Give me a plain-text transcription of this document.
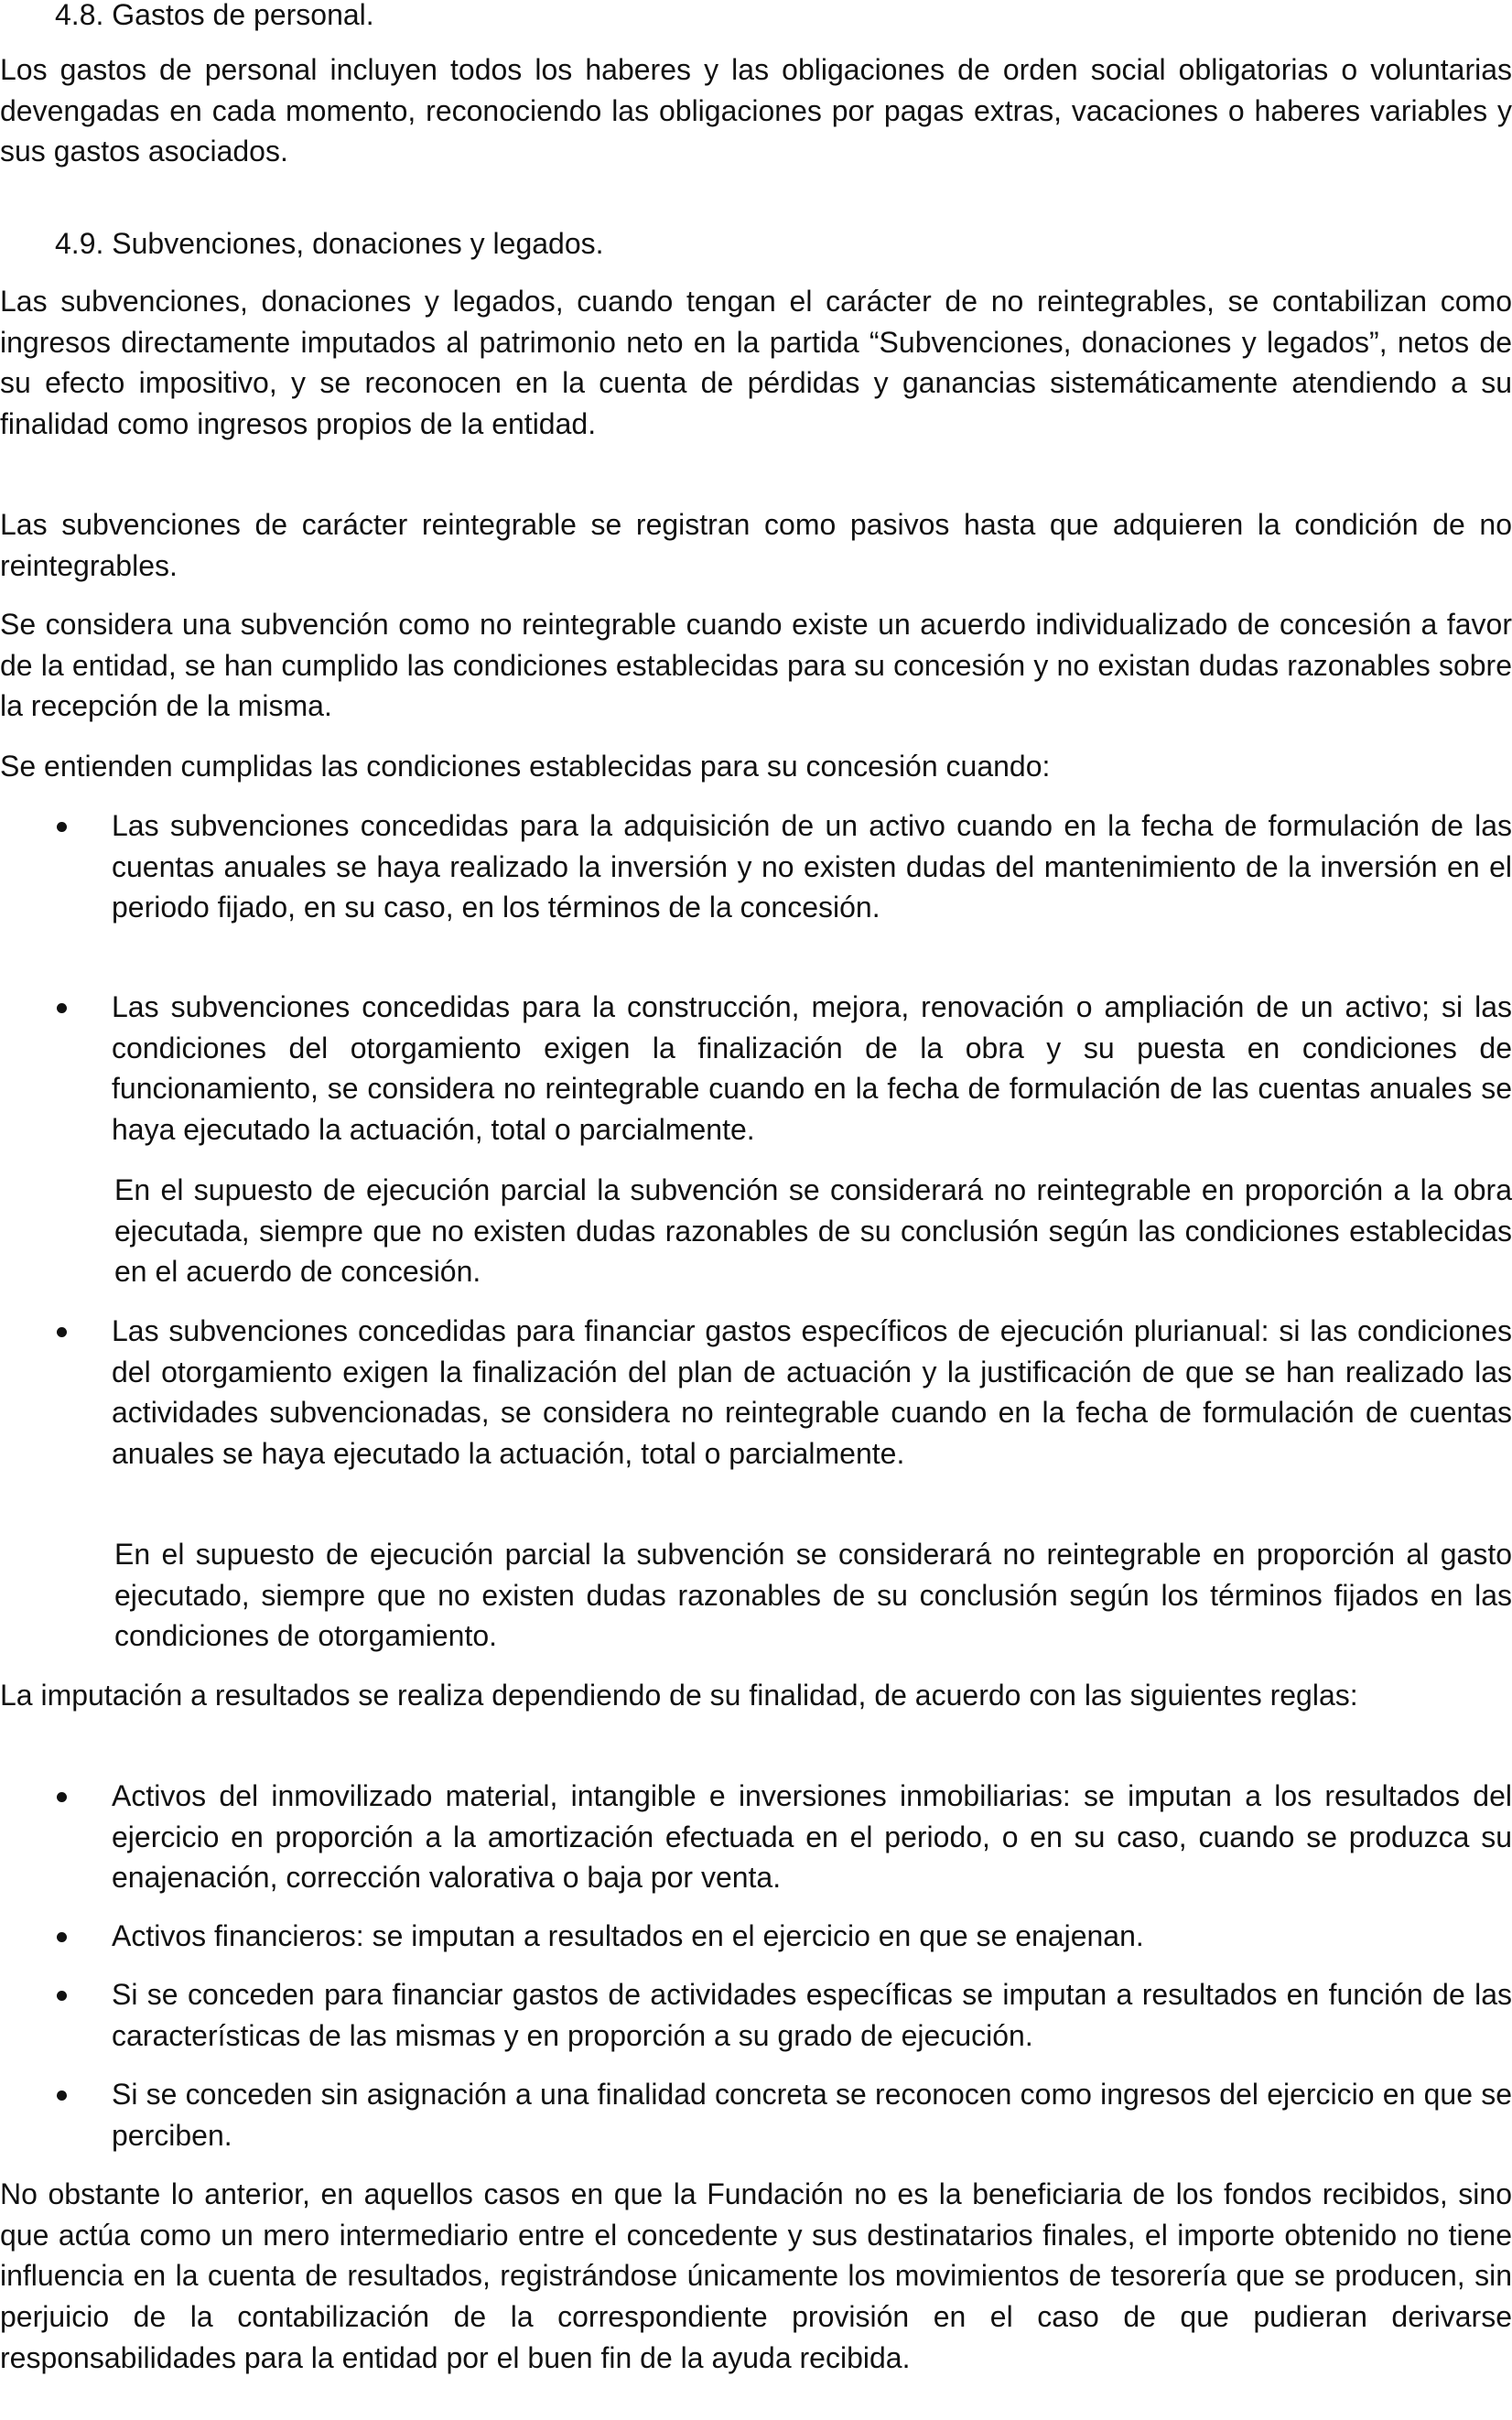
4.8. Gastos de personal.

Los gastos de personal incluyen todos los haberes y las obligaciones de orden social obligatorias o voluntarias devengadas en cada momento, reconociendo las obligaciones por pagas extras, vacaciones o haberes variables y sus gastos asociados.

4.9. Subvenciones, donaciones y legados.

Las subvenciones, donaciones y legados, cuando tengan el carácter de no reintegrables, se contabilizan como ingresos directamente imputados al patrimonio neto en la partida “Subvenciones, donaciones y legados”, netos de su efecto impositivo, y se reconocen en la cuenta de pérdidas y ganancias sistemáticamente atendiendo a su finalidad como ingresos propios de la entidad.

Las subvenciones de carácter reintegrable se registran como pasivos hasta que adquieren la condición de no reintegrables.

Se considera una subvención como no reintegrable cuando existe un acuerdo individualizado de concesión a favor de la entidad, se han cumplido las condiciones establecidas para su concesión y no existan dudas razonables sobre la recepción de la misma.

Se entienden cumplidas las condiciones establecidas para su concesión cuando:

Las subvenciones concedidas para la adquisición de un activo cuando en la fecha de formulación de las cuentas anuales se haya realizado la inversión y no existen dudas del mantenimiento de la inversión en el periodo fijado, en su caso, en los términos de la concesión.

Las subvenciones concedidas para la construcción, mejora, renovación o ampliación de un activo; si las condiciones del otorgamiento exigen la finalización de la obra y su puesta en condiciones de funcionamiento, se considera no reintegrable cuando en la fecha de formulación de las cuentas anuales se haya ejecutado la actuación, total o parcialmente.

En el supuesto de ejecución parcial la subvención se considerará no reintegrable en proporción a la obra ejecutada, siempre que no existen dudas razonables de su conclusión según las condiciones establecidas en el acuerdo de concesión.

Las subvenciones concedidas para financiar gastos específicos de ejecución plurianual: si las condiciones del otorgamiento exigen la finalización del plan de actuación y la justificación de que se han realizado las actividades subvencionadas, se considera no reintegrable cuando en la fecha de formulación de cuentas anuales se haya ejecutado la actuación, total o parcialmente.

En el supuesto de ejecución parcial la subvención se considerará no reintegrable en proporción al gasto ejecutado, siempre que no existen dudas razonables de su conclusión según los términos fijados en las condiciones de otorgamiento.

La imputación a resultados se realiza dependiendo de su finalidad, de acuerdo con las siguientes reglas:

Activos del inmovilizado material, intangible e inversiones inmobiliarias: se imputan a los resultados del ejercicio en proporción a la amortización efectuada en el periodo, o en su caso, cuando se produzca su enajenación, corrección valorativa o baja por venta.

Activos financieros: se imputan a resultados en el ejercicio en que se enajenan.

Si se conceden para financiar gastos de actividades específicas se imputan a resultados en función de las características de las mismas y en proporción a su grado de ejecución.

Si se conceden sin asignación a una finalidad concreta se reconocen como ingresos del ejercicio en que se perciben.

No obstante lo anterior, en aquellos casos en que la Fundación no es la beneficiaria de los fondos recibidos, sino que actúa como un mero intermediario entre el concedente y sus destinatarios finales, el importe obtenido no tiene influencia en la cuenta de resultados, registrándose únicamente los movimientos de tesorería que se producen, sin perjuicio de la contabilización de la correspondiente provisión en el caso de que pudieran derivarse responsabilidades para la entidad por el buen fin de la ayuda recibida.
